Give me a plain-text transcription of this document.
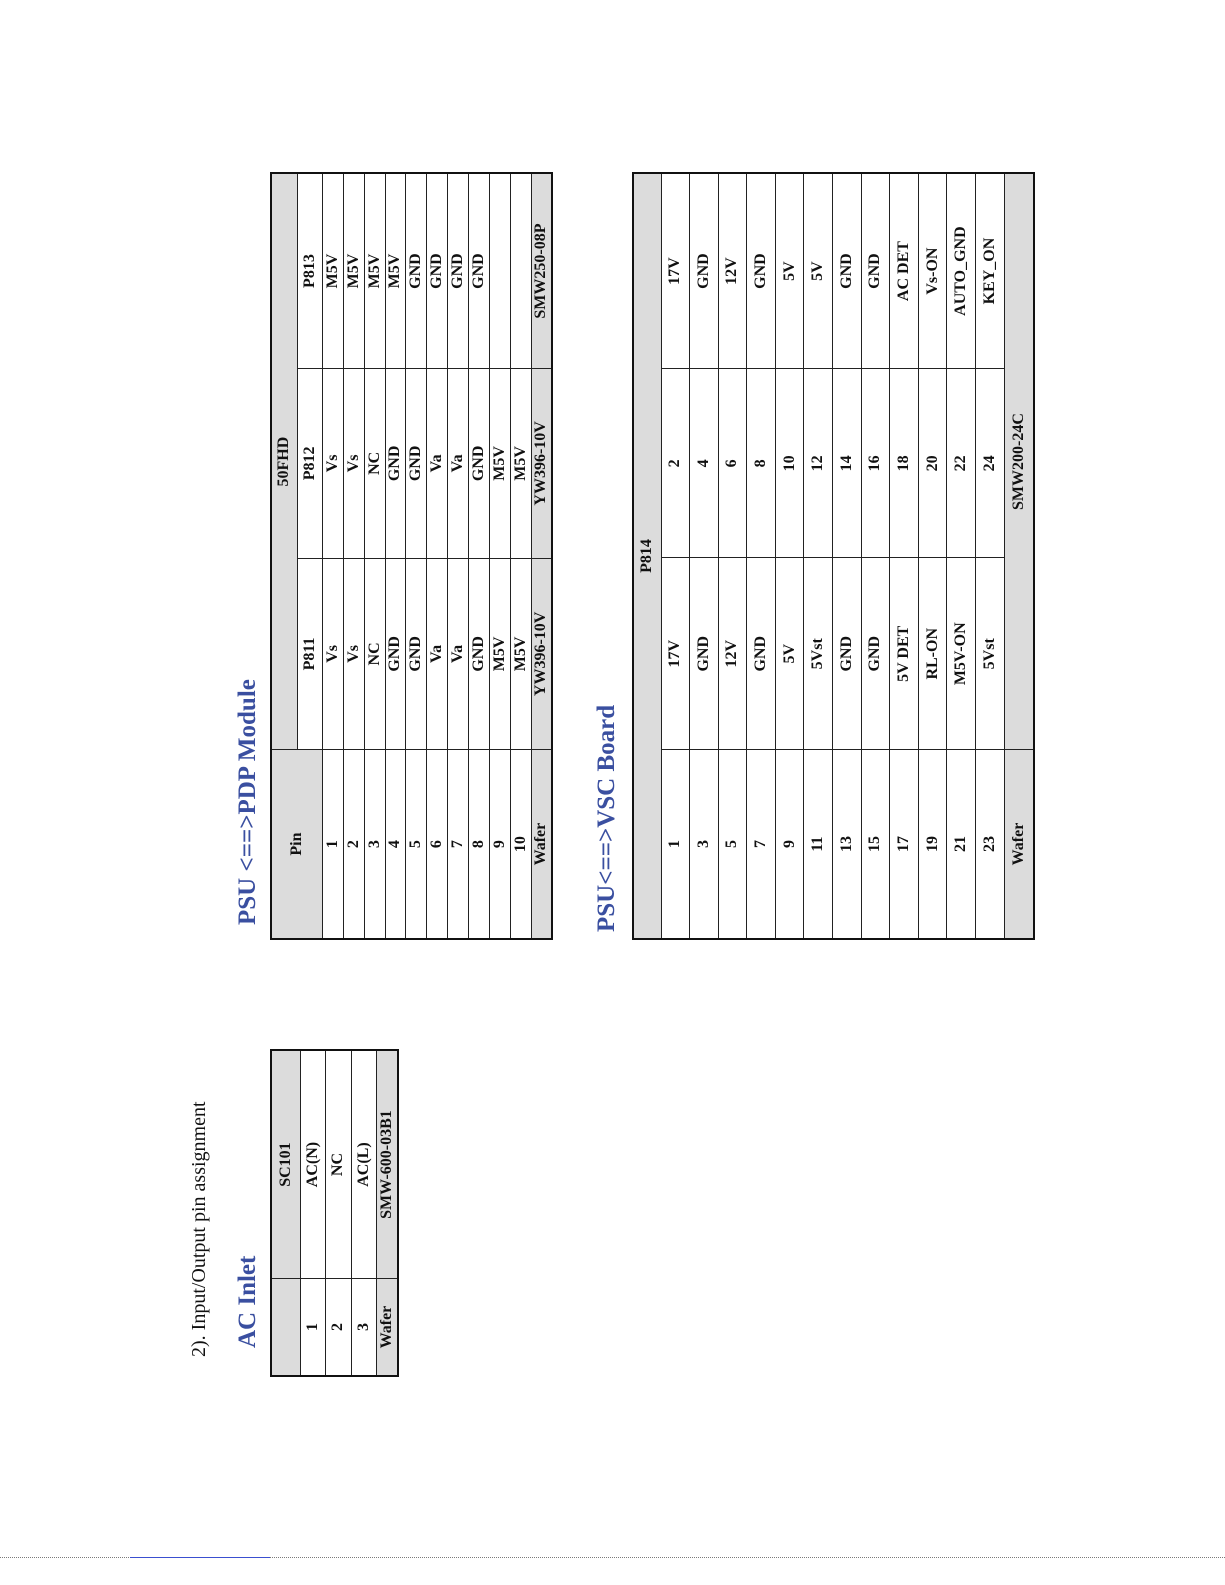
2). Input/Output pin assignment AC Inlet
	SC101
1	AC(N)
2	NC
3	AC(L)
Wafer	SMW-600-03B1
PSU <==>PDP Module Pin	50FHD		
	P811	P812	P813
1	Vs	Vs	M5V
2	Vs	Vs	M5V
3	NC	NC	M5V
4	GND	GND	M5V
5	GND	GND	GND
6	Va	Va	GND
7	Va	Va	GND
8	GND	GND	GND
9	M5V	M5V	
10	M5V	M5V	
Wafer	YW396-10V	YW396-10V	SMW250-08P
PSU<==>VSC Board
P814			
1	17V	2	17V
3	GND	4	GND
5	12V	6	12V
7	GND	8	GND
9	5V	10	5V
11	5Vst	12	5V
13	GND	14	GND
15	GND	16	GND
17	5V DET	18	AC DET
19	RL-ON	20	Vs-ON
21	M5V-ON	22	AUTO_GND
23	5Vst	24	KEY_ON
Wafer	SMW200-24C		
